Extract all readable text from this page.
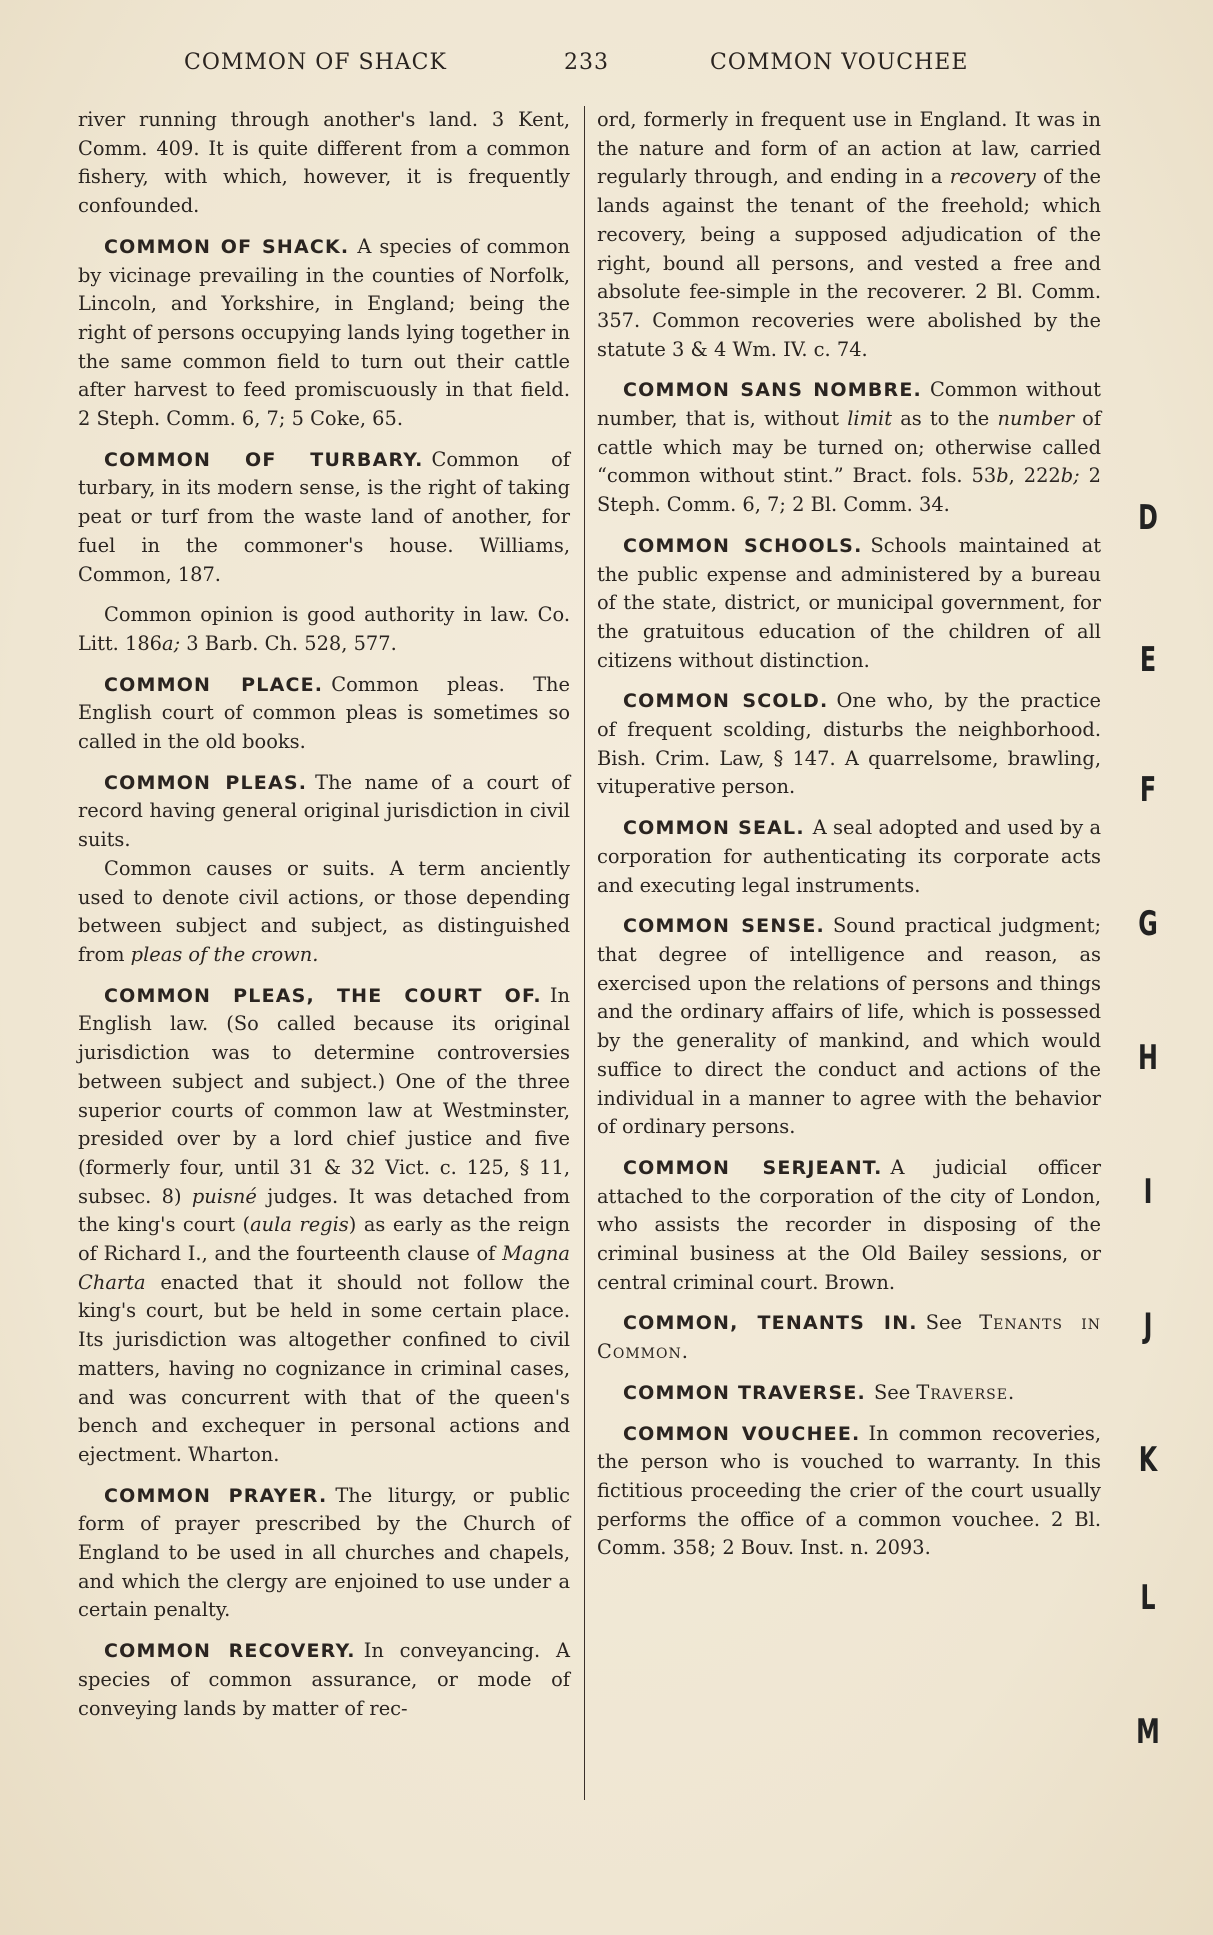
COMMON OF SHACK	233	COMMON VOUCHEE

river running through another's land. 3 Kent, Comm. 409. It is quite different from a common fishery, with which, however, it is frequently confounded.

COMMON OF SHACK. A species of common by vicinage prevailing in the counties of Norfolk, Lincoln, and Yorkshire, in England; being the right of persons occupying lands lying together in the same common field to turn out their cattle after harvest to feed promiscuously in that field. 2 Steph. Comm. 6, 7; 5 Coke, 65.

COMMON OF TURBARY. Common of turbary, in its modern sense, is the right of taking peat or turf from the waste land of another, for fuel in the commoner's house. Williams, Common, 187.

Common opinion is good authority in law. Co. Litt. 186a; 3 Barb. Ch. 528, 577.

COMMON PLACE. Common pleas. The English court of common pleas is sometimes so called in the old books.

COMMON PLEAS. The name of a court of record having general original jurisdiction in civil suits.

Common causes or suits. A term anciently used to denote civil actions, or those depending between subject and subject, as distinguished from pleas of the crown.

COMMON PLEAS, THE COURT OF. In English law. (So called because its original jurisdiction was to determine controversies between subject and subject.) One of the three superior courts of common law at Westminster, presided over by a lord chief justice and five (formerly four, until 31 & 32 Vict. c. 125, § 11, subsec. 8) puisné judges. It was detached from the king's court (aula regis) as early as the reign of Richard I., and the fourteenth clause of Magna Charta enacted that it should not follow the king's court, but be held in some certain place. Its jurisdiction was altogether confined to civil matters, having no cognizance in criminal cases, and was concurrent with that of the queen's bench and exchequer in personal actions and ejectment. Wharton.

COMMON PRAYER. The liturgy, or public form of prayer prescribed by the Church of England to be used in all churches and chapels, and which the clergy are enjoined to use under a certain penalty.

COMMON RECOVERY. In conveyancing. A species of common assurance, or mode of conveying lands by matter of rec-

ord, formerly in frequent use in England. It was in the nature and form of an action at law, carried regularly through, and ending in a recovery of the lands against the tenant of the freehold; which recovery, being a supposed adjudication of the right, bound all persons, and vested a free and absolute fee-simple in the recoverer. 2 Bl. Comm. 357. Common recoveries were abolished by the statute 3 & 4 Wm. IV. c. 74.

COMMON SANS NOMBRE. Common without number, that is, without limit as to the number of cattle which may be turned on; otherwise called “common without stint.” Bract. fols. 53b, 222b; 2 Steph. Comm. 6, 7; 2 Bl. Comm. 34.

COMMON SCHOOLS. Schools maintained at the public expense and administered by a bureau of the state, district, or municipal government, for the gratuitous education of the children of all citizens without distinction.

COMMON SCOLD. One who, by the practice of frequent scolding, disturbs the neighborhood. Bish. Crim. Law, § 147. A quarrelsome, brawling, vituperative person.

COMMON SEAL. A seal adopted and used by a corporation for authenticating its corporate acts and executing legal instruments.

COMMON SENSE. Sound practical judgment; that degree of intelligence and reason, as exercised upon the relations of persons and things and the ordinary affairs of life, which is possessed by the generality of mankind, and which would suffice to direct the conduct and actions of the individual in a manner to agree with the behavior of ordinary persons.

COMMON SERJEANT. A judicial officer attached to the corporation of the city of London, who assists the recorder in disposing of the criminal business at the Old Bailey sessions, or central criminal court. Brown.

COMMON, TENANTS IN. See Tenants in Common.

COMMON TRAVERSE. See Traverse.

COMMON VOUCHEE. In common recoveries, the person who is vouched to warranty. In this fictitious proceeding the crier of the court usually performs the office of a common vouchee. 2 Bl. Comm. 358; 2 Bouv. Inst. n. 2093.

D
E
F
G
H
I
J
K
L
M
